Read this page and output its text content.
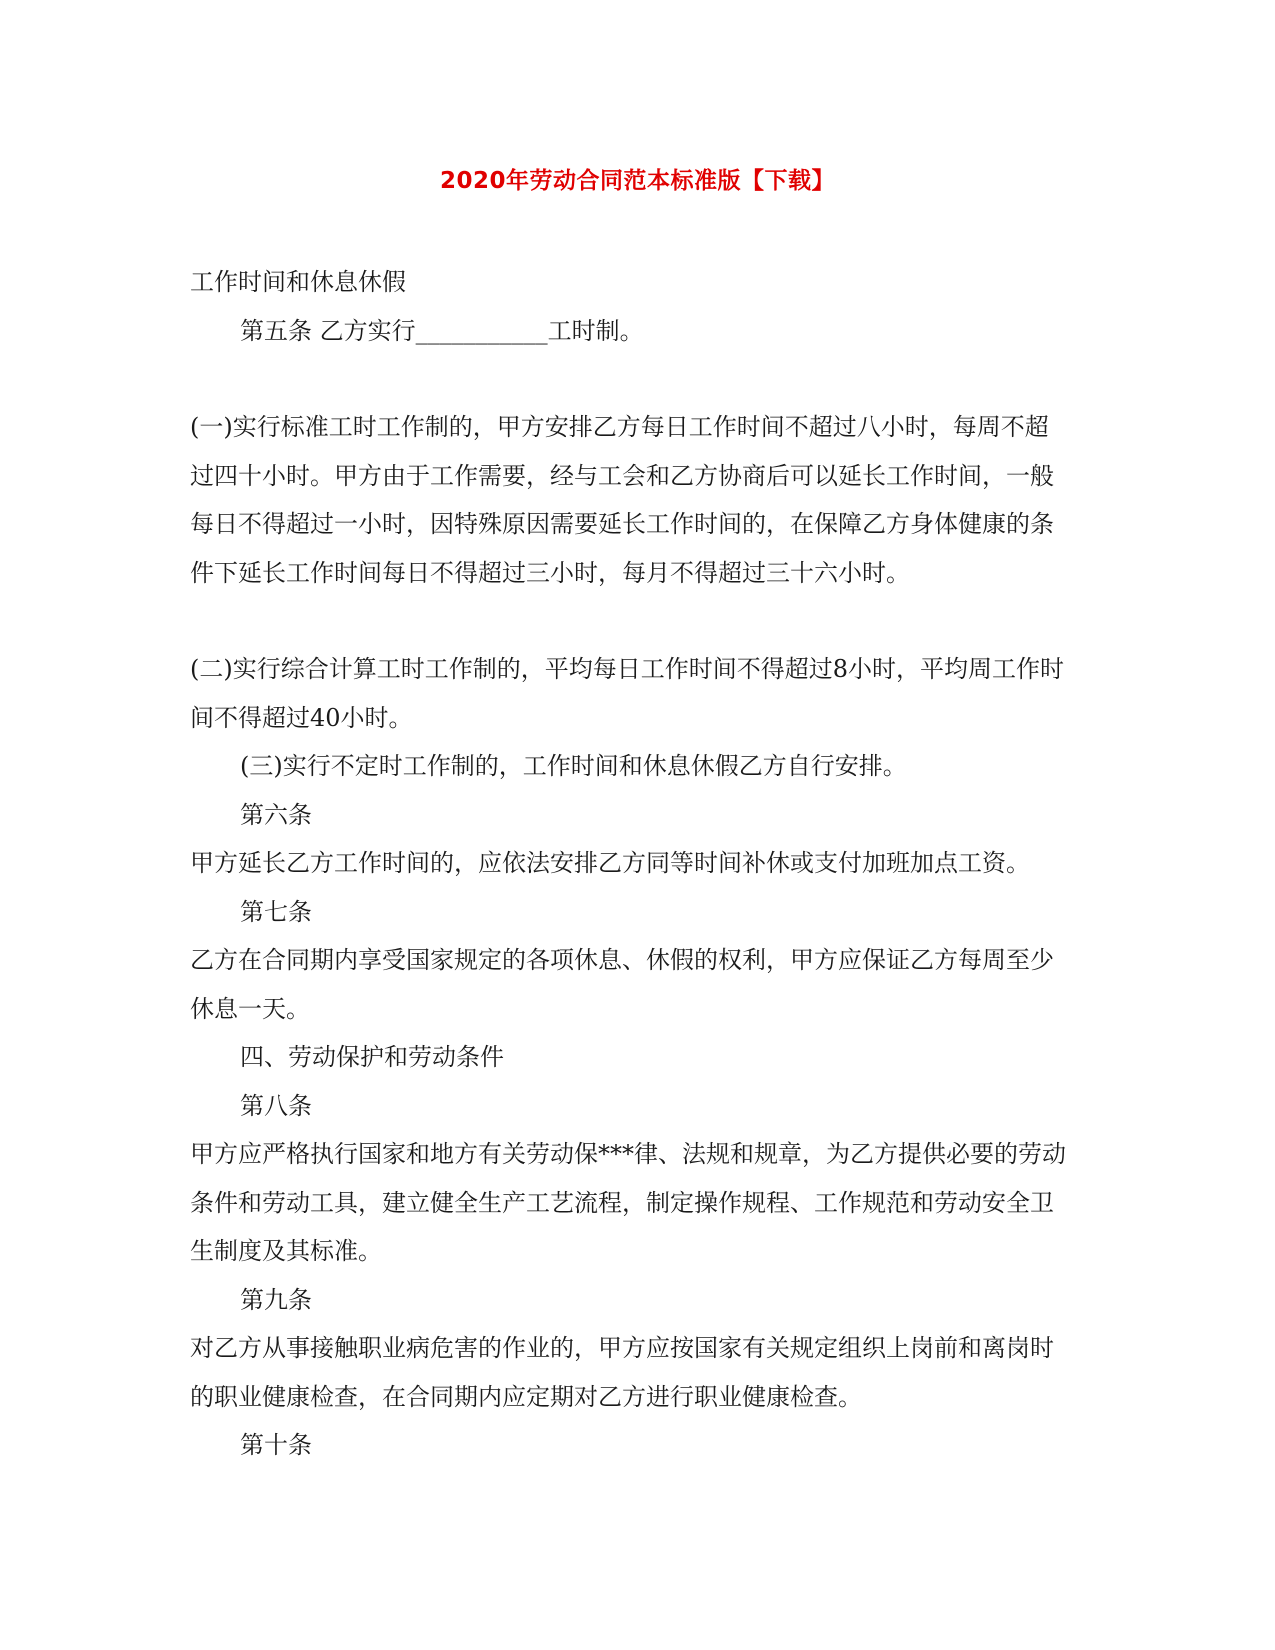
2020年劳动合同范本标准版【下载】

工作时间和休息休假

第五条 乙方实行___________工时制。

(一)实行标准工时工作制的，甲方安排乙方每日工作时间不超过八小时，每周不超过四十小时。甲方由于工作需要，经与工会和乙方协商后可以延长工作时间，一般每日不得超过一小时，因特殊原因需要延长工作时间的，在保障乙方身体健康的条件下延长工作时间每日不得超过三小时，每月不得超过三十六小时。

(二)实行综合计算工时工作制的，平均每日工作时间不得超过8小时，平均周工作时间不得超过40小时。

(三)实行不定时工作制的，工作时间和休息休假乙方自行安排。

第六条

甲方延长乙方工作时间的，应依法安排乙方同等时间补休或支付加班加点工资。

第七条

乙方在合同期内享受国家规定的各项休息、休假的权利，甲方应保证乙方每周至少休息一天。

四、劳动保护和劳动条件

第八条

甲方应严格执行国家和地方有关劳动保***律、法规和规章，为乙方提供必要的劳动条件和劳动工具，建立健全生产工艺流程，制定操作规程、工作规范和劳动安全卫生制度及其标准。

第九条

对乙方从事接触职业病危害的作业的，甲方应按国家有关规定组织上岗前和离岗时的职业健康检查，在合同期内应定期对乙方进行职业健康检查。

第十条
